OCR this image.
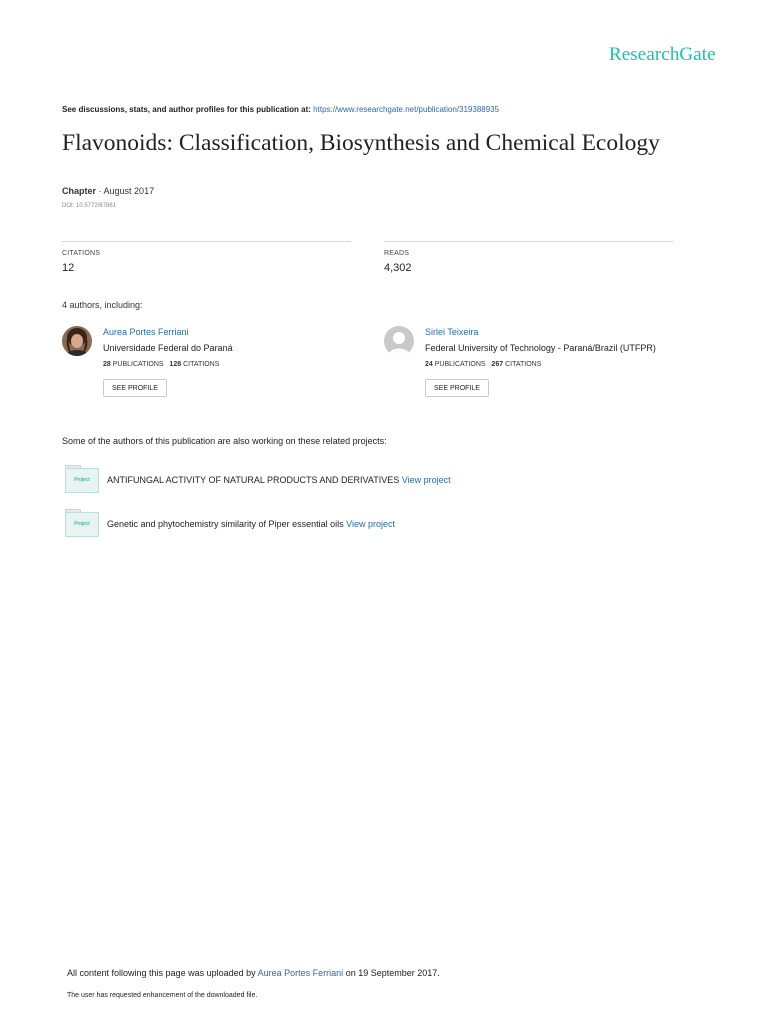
ResearchGate
See discussions, stats, and author profiles for this publication at: https://www.researchgate.net/publication/319388935
Flavonoids: Classification, Biosynthesis and Chemical Ecology
Chapter · August 2017
DOI: 10.5772/67861
CITATIONS
12
READS
4,302
4 authors, including:
Aurea Portes Ferriani
Universidade Federal do Paraná
28 PUBLICATIONS 128 CITATIONS
SEE PROFILE
Sirlei Teixeira
Federal University of Technology - Paraná/Brazil (UTFPR)
24 PUBLICATIONS 267 CITATIONS
SEE PROFILE
Some of the authors of this publication are also working on these related projects:
Project	ANTIFUNGAL ACTIVITY OF NATURAL PRODUCTS AND DERIVATIVES View project
Project	Genetic and phytochemistry similarity of Piper essential oils View project
All content following this page was uploaded by Aurea Portes Ferriani on 19 September 2017.
The user has requested enhancement of the downloaded file.
